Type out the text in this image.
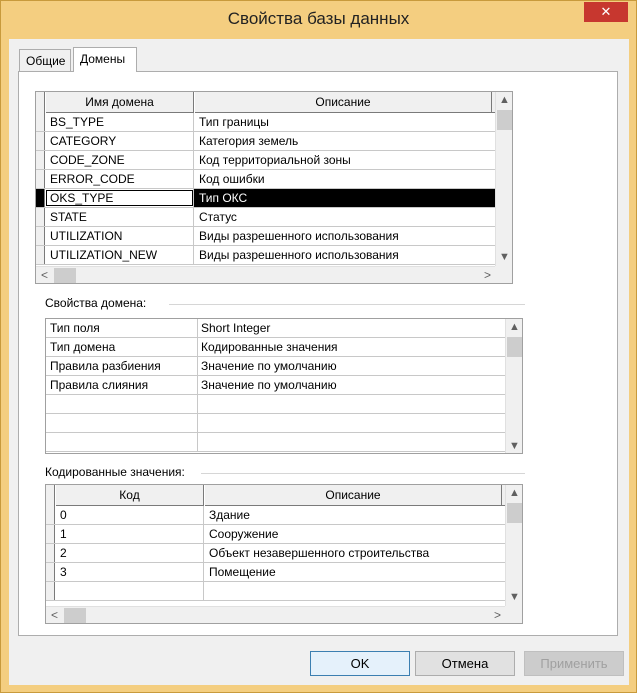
Свойства базы данных	✕
Общие	Домены
Имя домена	Описание
BS_TYPE	Тип границы
CATEGORY	Категория земель
CODE_ZONE	Код территориальной зоны
ERROR_CODE	Код ошибки
OKS_TYPE	Тип ОКС
STATE	Статус
UTILIZATION	Виды разрешенного использования
UTILIZATION_NEW	Виды разрешенного использования
▲
▼
<	>
Свойства домена:
Тип поля	Short Integer
Тип домена	Кодированные значения
Правила разбиения	Значение по умолчанию
Правила слияния	Значение по умолчанию
▲
▼
Кодированные значения:
Код	Описание
0	Здание
1	Сооружение
2	Объект незавершенного строительства
3	Помещение
▲
▼
<	>
OK	Отмена	Применить
